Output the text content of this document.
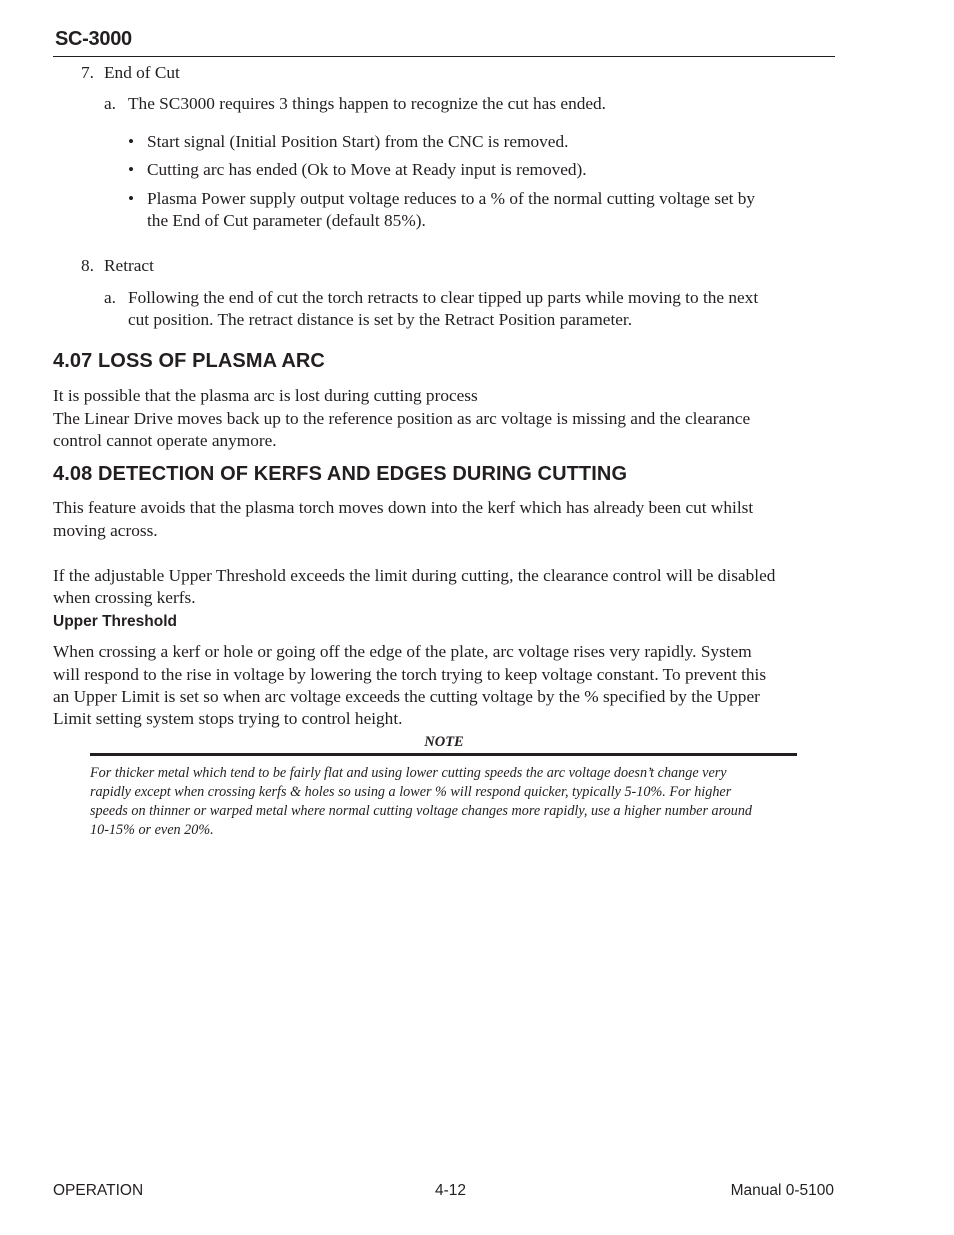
SC-3000
7. End of Cut
a. The SC3000 requires 3 things happen to recognize the cut has ended.
• Start signal (Initial Position Start) from the CNC is removed.
• Cutting arc has ended (Ok to Move at Ready input is removed).
• Plasma Power supply output voltage reduces to a % of the normal cutting voltage set by
the End of Cut parameter (default 85%).
8. Retract
a. Following the end of cut the torch retracts to clear tipped up parts while moving to the next
cut position. The retract distance is set by the Retract Position parameter.
4.07 LOSS OF PLASMA ARC
It is possible that the plasma arc is lost during cutting process
The Linear Drive moves back up to the reference position as arc voltage is missing and the clearance
control cannot operate anymore.
4.08 DETECTION OF KERFS AND EDGES DURING CUTTING
This feature avoids that the plasma torch moves down into the kerf which has already been cut whilst
moving across.
If the adjustable Upper Threshold exceeds the limit during cutting, the clearance control will be disabled
when crossing kerfs.
Upper Threshold
When crossing a kerf or hole or going off the edge of the plate, arc voltage rises very rapidly. System
will respond to the rise in voltage by lowering the torch trying to keep voltage constant. To prevent this
an Upper Limit is set so when arc voltage exceeds the cutting voltage by the % specified by the Upper
Limit setting system stops trying to control height.
NOTE
For thicker metal which tend to be fairly flat and using lower cutting speeds the arc voltage doesn’t change very
rapidly except when crossing kerfs & holes so using a lower % will respond quicker, typically 5-10%. For higher
speeds on thinner or warped metal where normal cutting voltage changes more rapidly, use a higher number around
10-15% or even 20%.
OPERATION	4-12	Manual 0-5100
